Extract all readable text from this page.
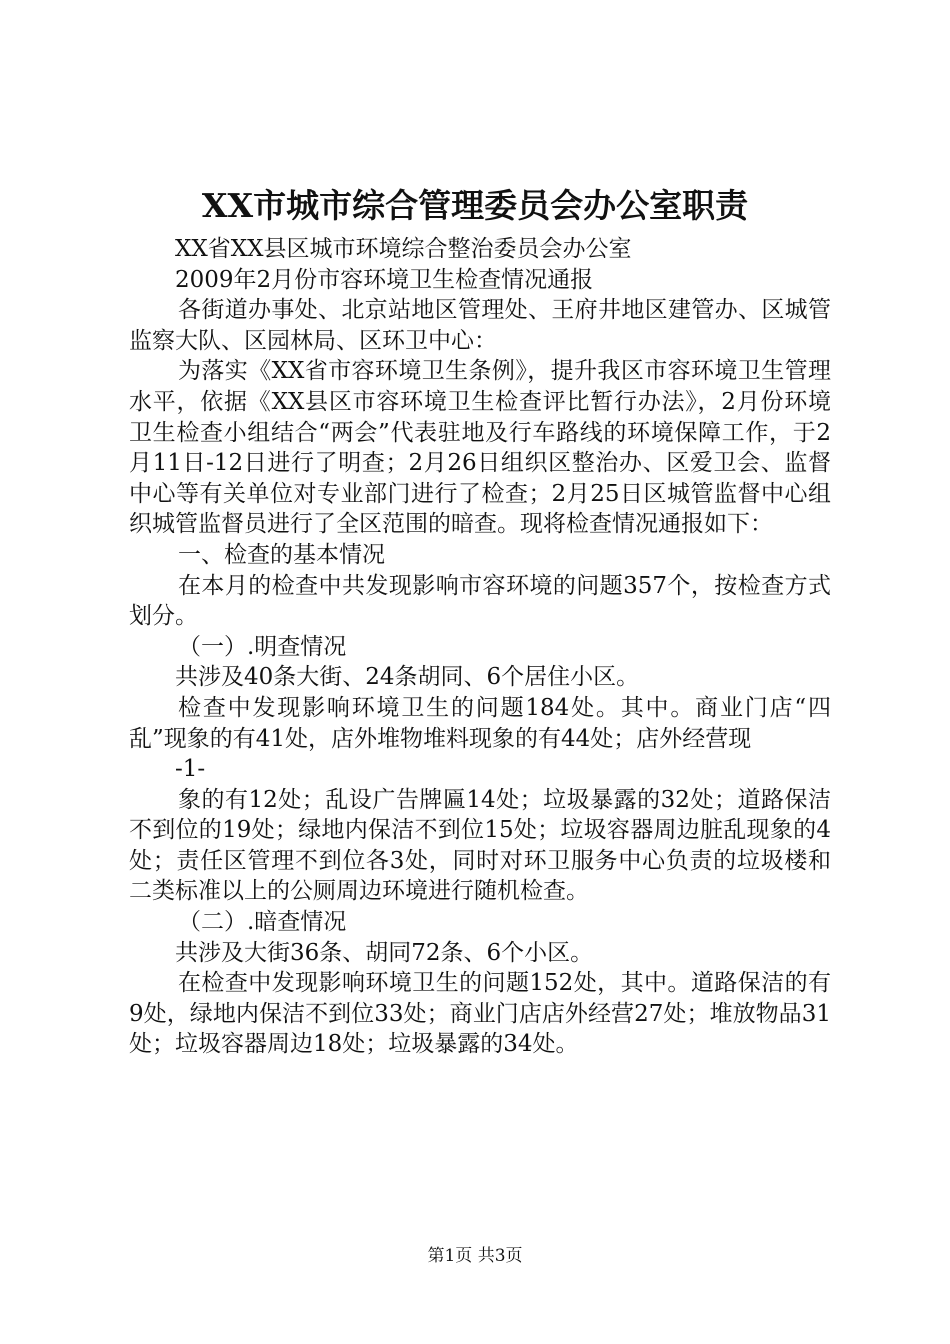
XX市城市综合管理委员会办公室职责

XX省XX县区城市环境综合整治委员会办公室

2009年2月份市容环境卫生检查情况通报

各街道办事处、北京站地区管理处、王府井地区建管办、区城管监察大队、区园林局、区环卫中心：

为落实《XX省市容环境卫生条例》，提升我区市容环境卫生管理水平，依据《XX县区市容环境卫生检查评比暂行办法》，2月份环境卫生检查小组结合“两会”代表驻地及行车路线的环境保障工作，于2月11日-12日进行了明查；2月26日组织区整治办、区爱卫会、监督中心等有关单位对专业部门进行了检查；2月25日区城管监督中心组织城管监督员进行了全区范围的暗查。现将检查情况通报如下：

一、检查的基本情况

在本月的检查中共发现影响市容环境的问题357个，按检查方式划分。

（一）.明查情况

共涉及40条大街、24条胡同、6个居住小区。

检查中发现影响环境卫生的问题184处。其中。商业门店“四乱”现象的有41处，店外堆物堆料现象的有44处；店外经营现

-1-

象的有12处；乱设广告牌匾14处；垃圾暴露的32处；道路保洁不到位的19处；绿地内保洁不到位15处；垃圾容器周边脏乱现象的4处；责任区管理不到位各3处，同时对环卫服务中心负责的垃圾楼和二类标准以上的公厕周边环境进行随机检查。

（二）.暗查情况

共涉及大街36条、胡同72条、6个小区。

在检查中发现影响环境卫生的问题152处，其中。道路保洁的有9处，绿地内保洁不到位33处；商业门店店外经营27处；堆放物品31处；垃圾容器周边18处；垃圾暴露的34处。

第1页 共3页
